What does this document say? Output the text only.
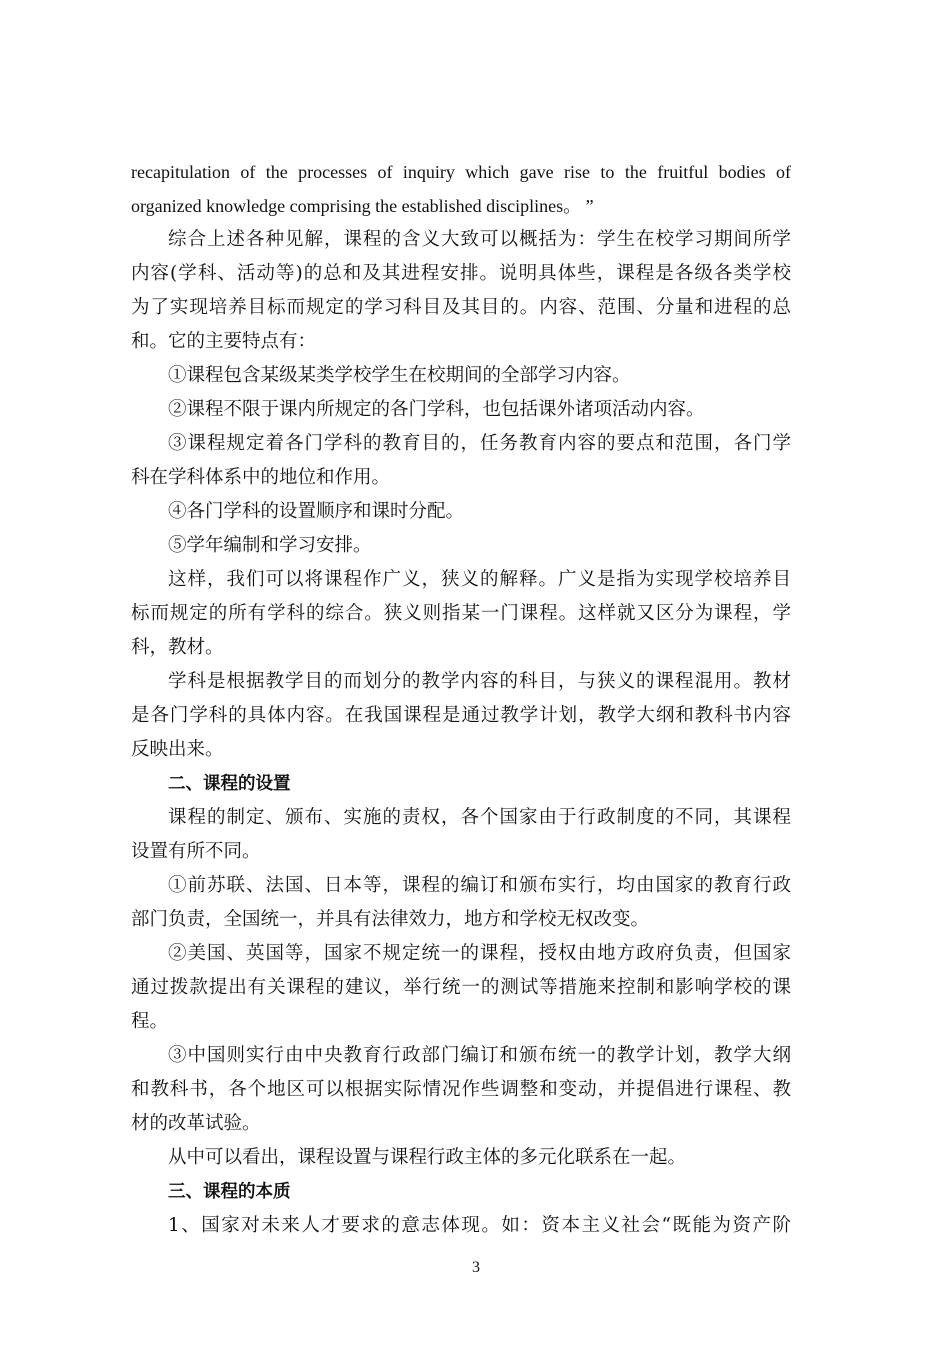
recapitulation of the processes of inquiry which gave rise to the fruitful bodies of
organized knowledge comprising the established disciplines。 ”
综合上述各种见解，课程的含义大致可以概括为：学生在校学习期间所学
内容(学科、活动等)的总和及其进程安排。说明具体些，课程是各级各类学校
为了实现培养目标而规定的学习科目及其目的。内容、范围、分量和进程的总
和。它的主要特点有：
①课程包含某级某类学校学生在校期间的全部学习内容。
②课程不限于课内所规定的各门学科，也包括课外诸项活动内容。
③课程规定着各门学科的教育目的，任务教育内容的要点和范围，各门学
科在学科体系中的地位和作用。
④各门学科的设置顺序和课时分配。
⑤学年编制和学习安排。
这样，我们可以将课程作广义，狭义的解释。广义是指为实现学校培养目
标而规定的所有学科的综合。狭义则指某一门课程。这样就又区分为课程，学
科，教材。
学科是根据教学目的而划分的教学内容的科目，与狭义的课程混用。教材
是各门学科的具体内容。在我国课程是通过教学计划，教学大纲和教科书内容
反映出来。
二、课程的设置
课程的制定、颁布、实施的责权，各个国家由于行政制度的不同，其课程
设置有所不同。
①前苏联、法国、日本等，课程的编订和颁布实行，均由国家的教育行政
部门负责，全国统一，并具有法律效力，地方和学校无权改变。
②美国、英国等，国家不规定统一的课程，授权由地方政府负责，但国家
通过拨款提出有关课程的建议，举行统一的测试等措施来控制和影响学校的课
程。
③中国则实行由中央教育行政部门编订和颁布统一的教学计划，教学大纲
和教科书，各个地区可以根据实际情况作些调整和变动，并提倡进行课程、教
材的改革试验。
从中可以看出，课程设置与课程行政主体的多元化联系在一起。
三、课程的本质
1、国家对未来人才要求的意志体现。如：资本主义社会“既能为资产阶
3
